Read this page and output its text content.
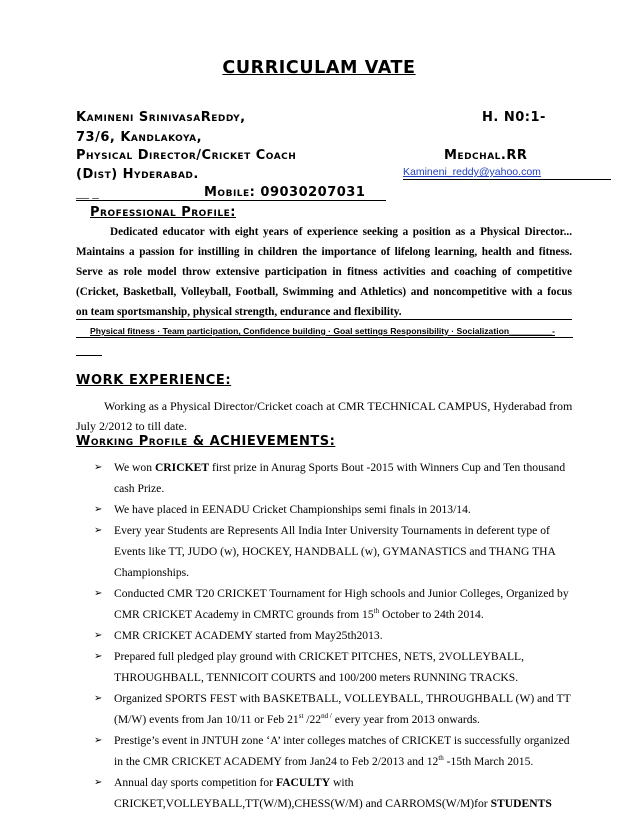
CURRICULAM VATE
Kamineni SrinivasaReddy,	H. N0:1-
73/6, Kandlakoya,
Physical Director/Cricket Coach	Medchal.RR
(Dist) Hyderabad.	Kamineni_reddy@yahoo.com
__ _	Mobile: 09030207031
Professional Profile:
Dedicated educator with eight years of experience seeking a position as a Physical Director...
Maintains a passion for instilling in children the importance of lifelong learning, health and fitness.
Serve as role model throw extensive participation in fitness activities and coaching of competitive
(Cricket, Basketball, Volleyball, Football, Swimming and Athletics) and noncompetitive with a focus
on team sportsmanship, physical strength, endurance and flexibility.
Physical fitness · Team participation, Confidence building · Goal settings Responsibility · Socialization_________-
WORK EXPERIENCE:
Working as a Physical Director/Cricket coach at CMR TECHNICAL CAMPUS, Hyderabad from
July 2/2012 to till date.
Working Profile & ACHIEVEMENTS:
➢ We won CRICKET first prize in Anurag Sports Bout -2015 with Winners Cup and Ten thousand cash Prize.
➢ We have placed in EENADU Cricket Championships semi finals in 2013/14.
➢ Every year Students are Represents All India Inter University Tournaments in deferent type of Events like TT, JUDO (w), HOCKEY, HANDBALL (w), GYMANASTICS and THANG THA Championships.
➢ Conducted CMR T20 CRICKET Tournament for High schools and Junior Colleges, Organized by CMR CRICKET Academy in CMRTC grounds from 15th October to 24th 2014.
➢ CMR CRICKET ACADEMY started from May25th2013.
➢ Prepared full pledged play ground with CRICKET PITCHES, NETS, 2VOLLEYBALL, THROUGHBALL, TENNICOIT COURTS and 100/200 meters RUNNING TRACKS.
➢ Organized SPORTS FEST with BASKETBALL, VOLLEYBALL, THROUGHBALL (W) and TT (M/W) events from Jan 10/11 or Feb 21st $/22^{nd /}$ every year from 2013 onwards.
➢ Prestige’s event in JNTUH zone ‘A’ inter colleges matches of CRICKET is successfully organized in the CMR CRICKET ACADEMY from Jan24 to Feb 2/2013 and 12th -15th March 2015.
➢ Annual day sports competition for FACULTY with CRICKET,VOLLEYBALL,TT(W/M),CHESS(W/M) and CARROMS(W/M)for STUDENTS
